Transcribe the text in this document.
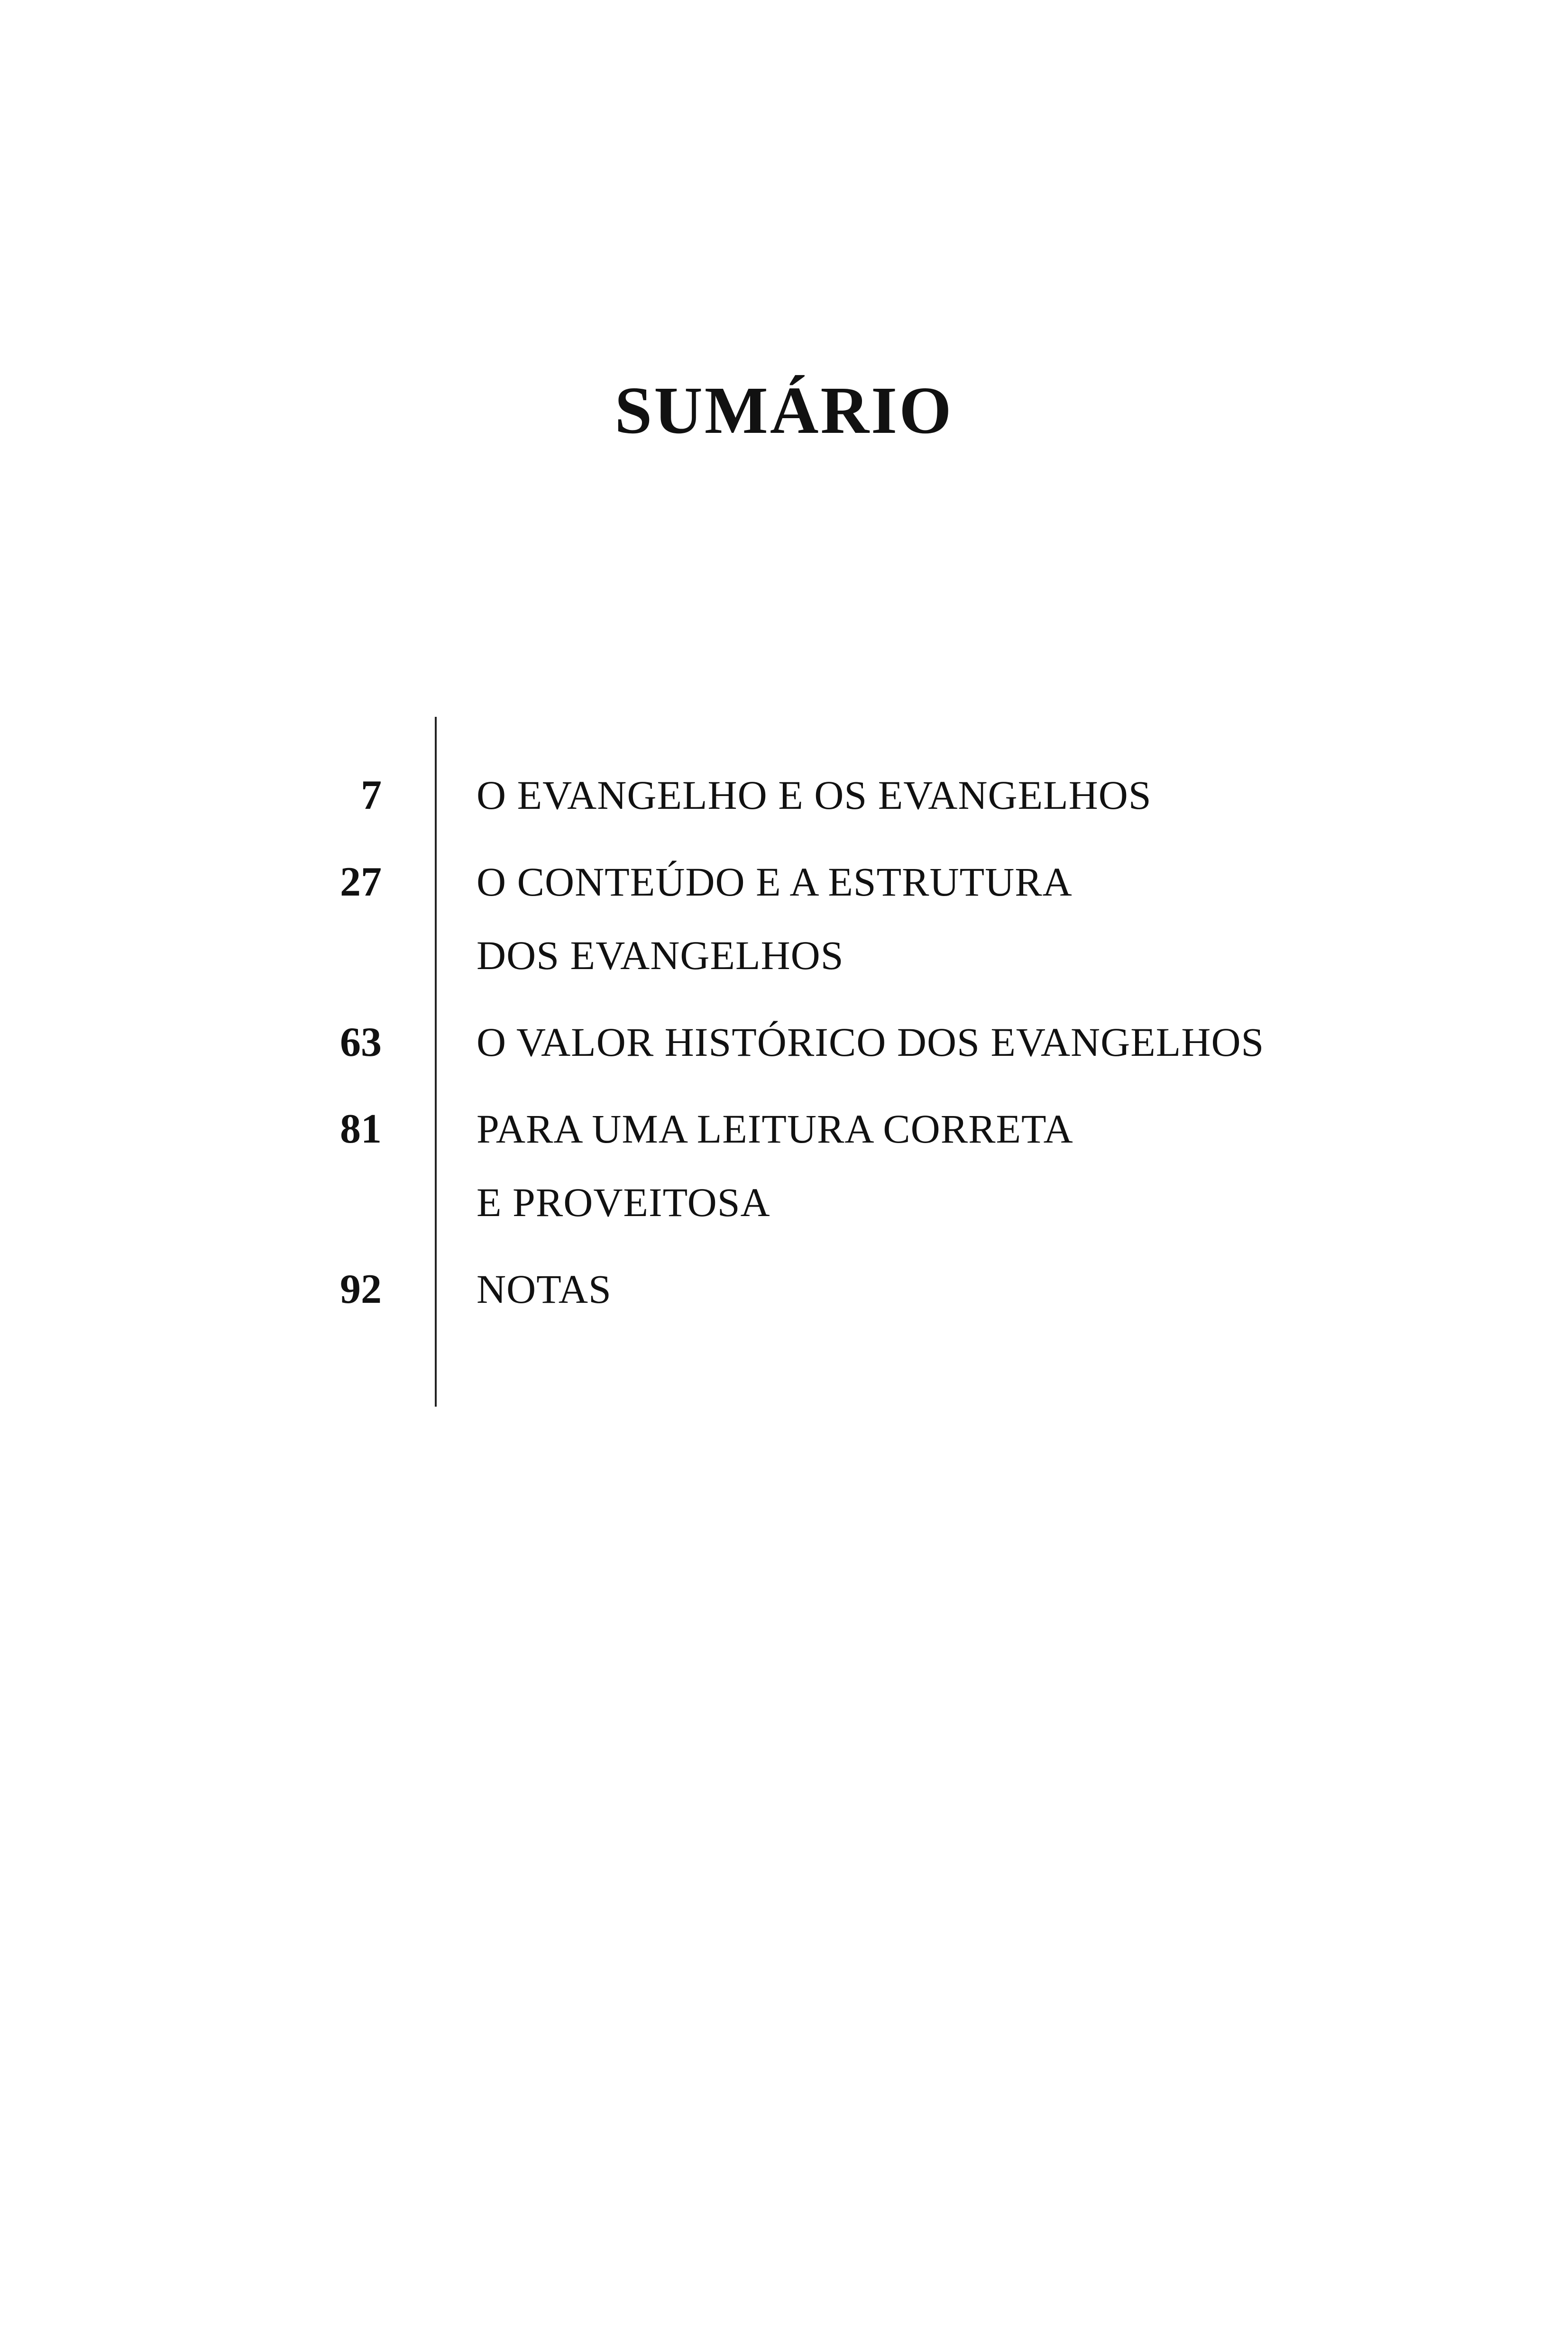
SUMÁRIO
7 O EVANGELHO E OS EVANGELHOS
27 O CONTEÚDO E A ESTRUTURA
DOS EVANGELHOS
63 O VALOR HISTÓRICO DOS EVANGELHOS
81 PARA UMA LEITURA CORRETA
E PROVEITOSA
92 NOTAS
